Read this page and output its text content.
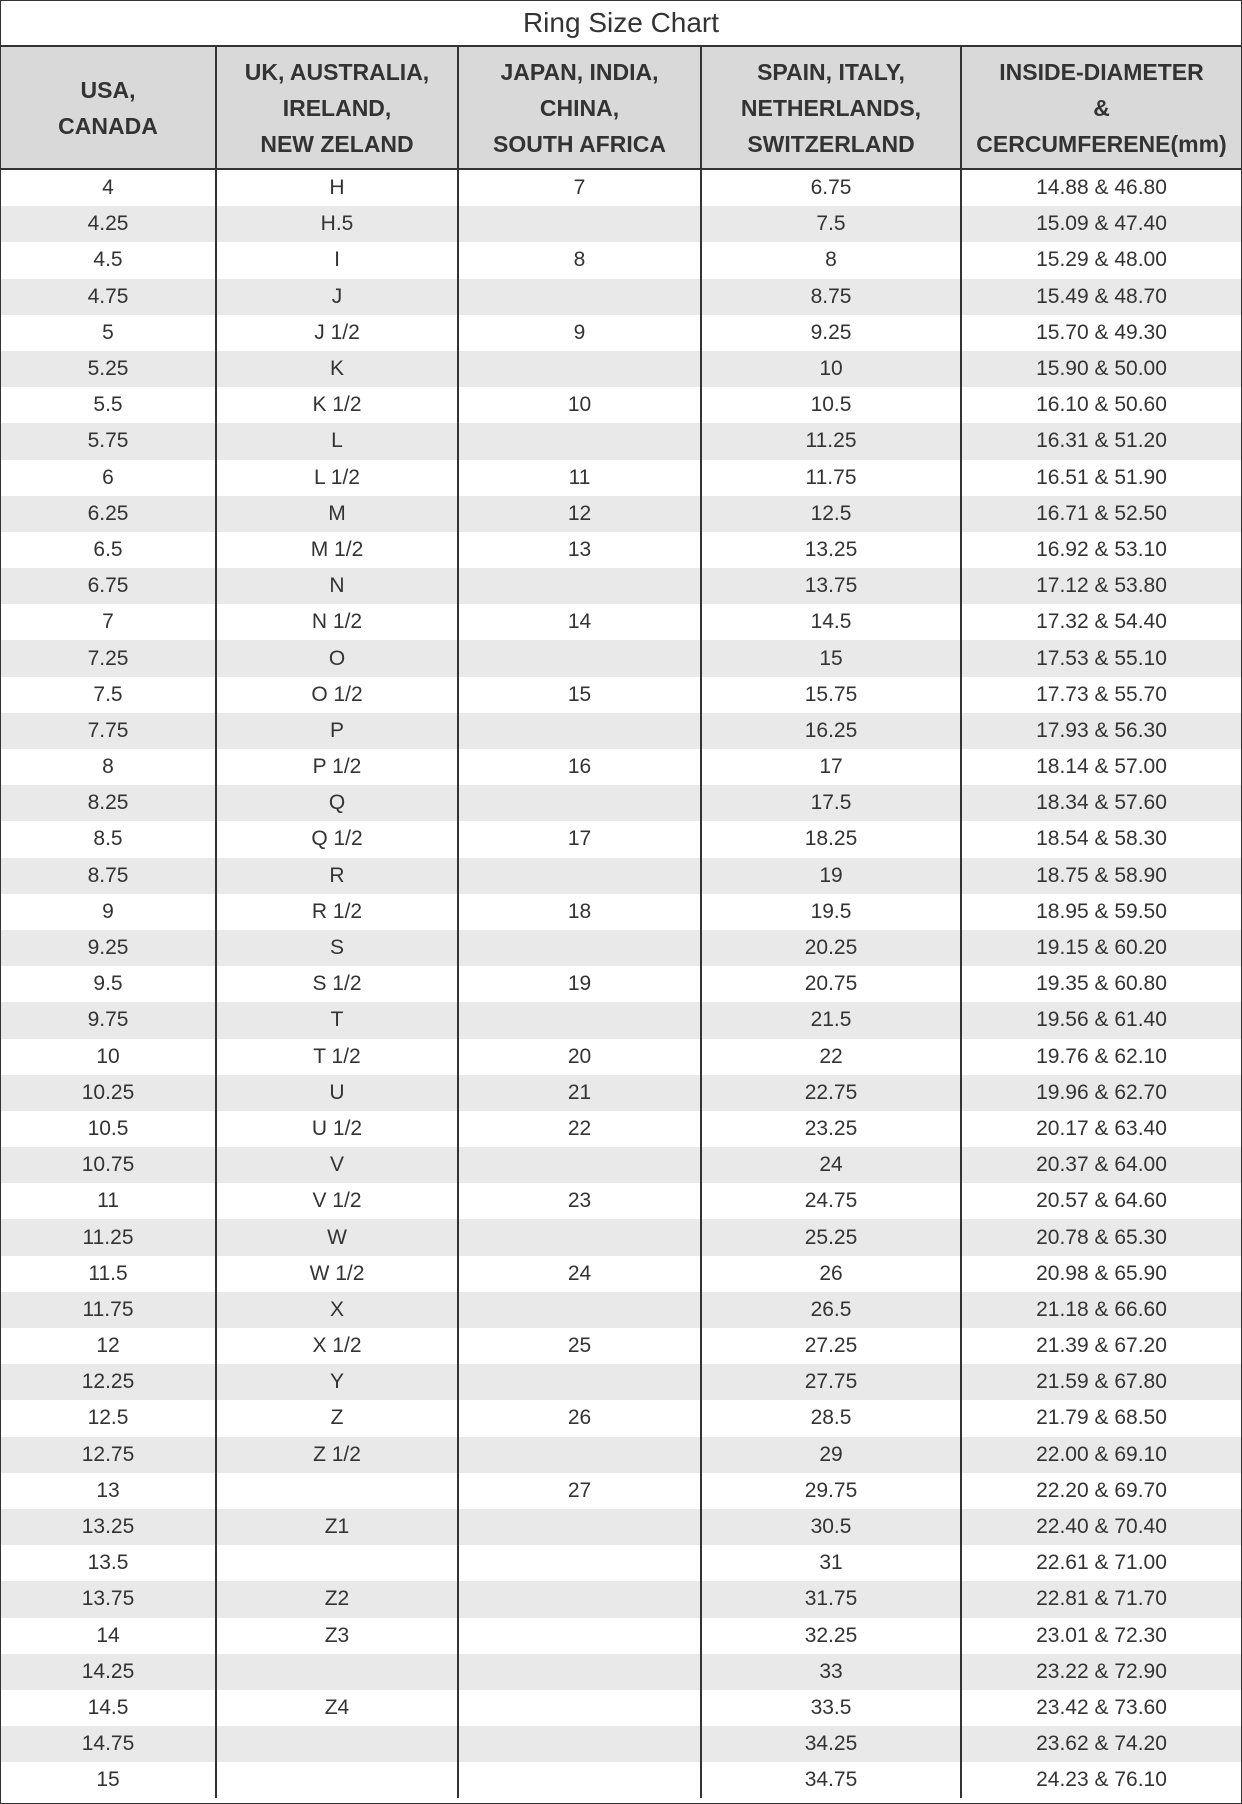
Ring Size Chart
USA,
CANADA	UK, AUSTRALIA,
IRELAND,
NEW ZELAND	JAPAN, INDIA,
CHINA,
SOUTH AFRICA	SPAIN, ITALY,
NETHERLANDS,
SWITZERLAND	INSIDE-DIAMETER
&
CERCUMFERENE(mm)

4	H	7	6.75	14.88 & 46.80
4.25	H.5		7.5	15.09 & 47.40
4.5	I	8	8	15.29 & 48.00
4.75	J		8.75	15.49 & 48.70
5	J 1/2	9	9.25	15.70 & 49.30
5.25	K		10	15.90 & 50.00
5.5	K 1/2	10	10.5	16.10 & 50.60
5.75	L		11.25	16.31 & 51.20
6	L 1/2	11	11.75	16.51 & 51.90
6.25	M	12	12.5	16.71 & 52.50
6.5	M 1/2	13	13.25	16.92 & 53.10
6.75	N		13.75	17.12 & 53.80
7	N 1/2	14	14.5	17.32 & 54.40
7.25	O		15	17.53 & 55.10
7.5	O 1/2	15	15.75	17.73 & 55.70
7.75	P		16.25	17.93 & 56.30
8	P 1/2	16	17	18.14 & 57.00
8.25	Q		17.5	18.34 & 57.60
8.5	Q 1/2	17	18.25	18.54 & 58.30
8.75	R		19	18.75 & 58.90
9	R 1/2	18	19.5	18.95 & 59.50
9.25	S		20.25	19.15 & 60.20
9.5	S 1/2	19	20.75	19.35 & 60.80
9.75	T		21.5	19.56 & 61.40
10	T 1/2	20	22	19.76 & 62.10
10.25	U	21	22.75	19.96 & 62.70
10.5	U 1/2	22	23.25	20.17 & 63.40
10.75	V		24	20.37 & 64.00
11	V 1/2	23	24.75	20.57 & 64.60
11.25	W		25.25	20.78 & 65.30
11.5	W 1/2	24	26	20.98 & 65.90
11.75	X		26.5	21.18 & 66.60
12	X 1/2	25	27.25	21.39 & 67.20
12.25	Y		27.75	21.59 & 67.80
12.5	Z	26	28.5	21.79 & 68.50
12.75	Z 1/2		29	22.00 & 69.10
13		27	29.75	22.20 & 69.70
13.25	Z1		30.5	22.40 & 70.40
13.5			31	22.61 & 71.00
13.75	Z2		31.75	22.81 & 71.70
14	Z3		32.25	23.01 & 72.30
14.25			33	23.22 & 72.90
14.5	Z4		33.5	23.42 & 73.60
14.75			34.25	23.62 & 74.20
15			34.75	24.23 & 76.10
